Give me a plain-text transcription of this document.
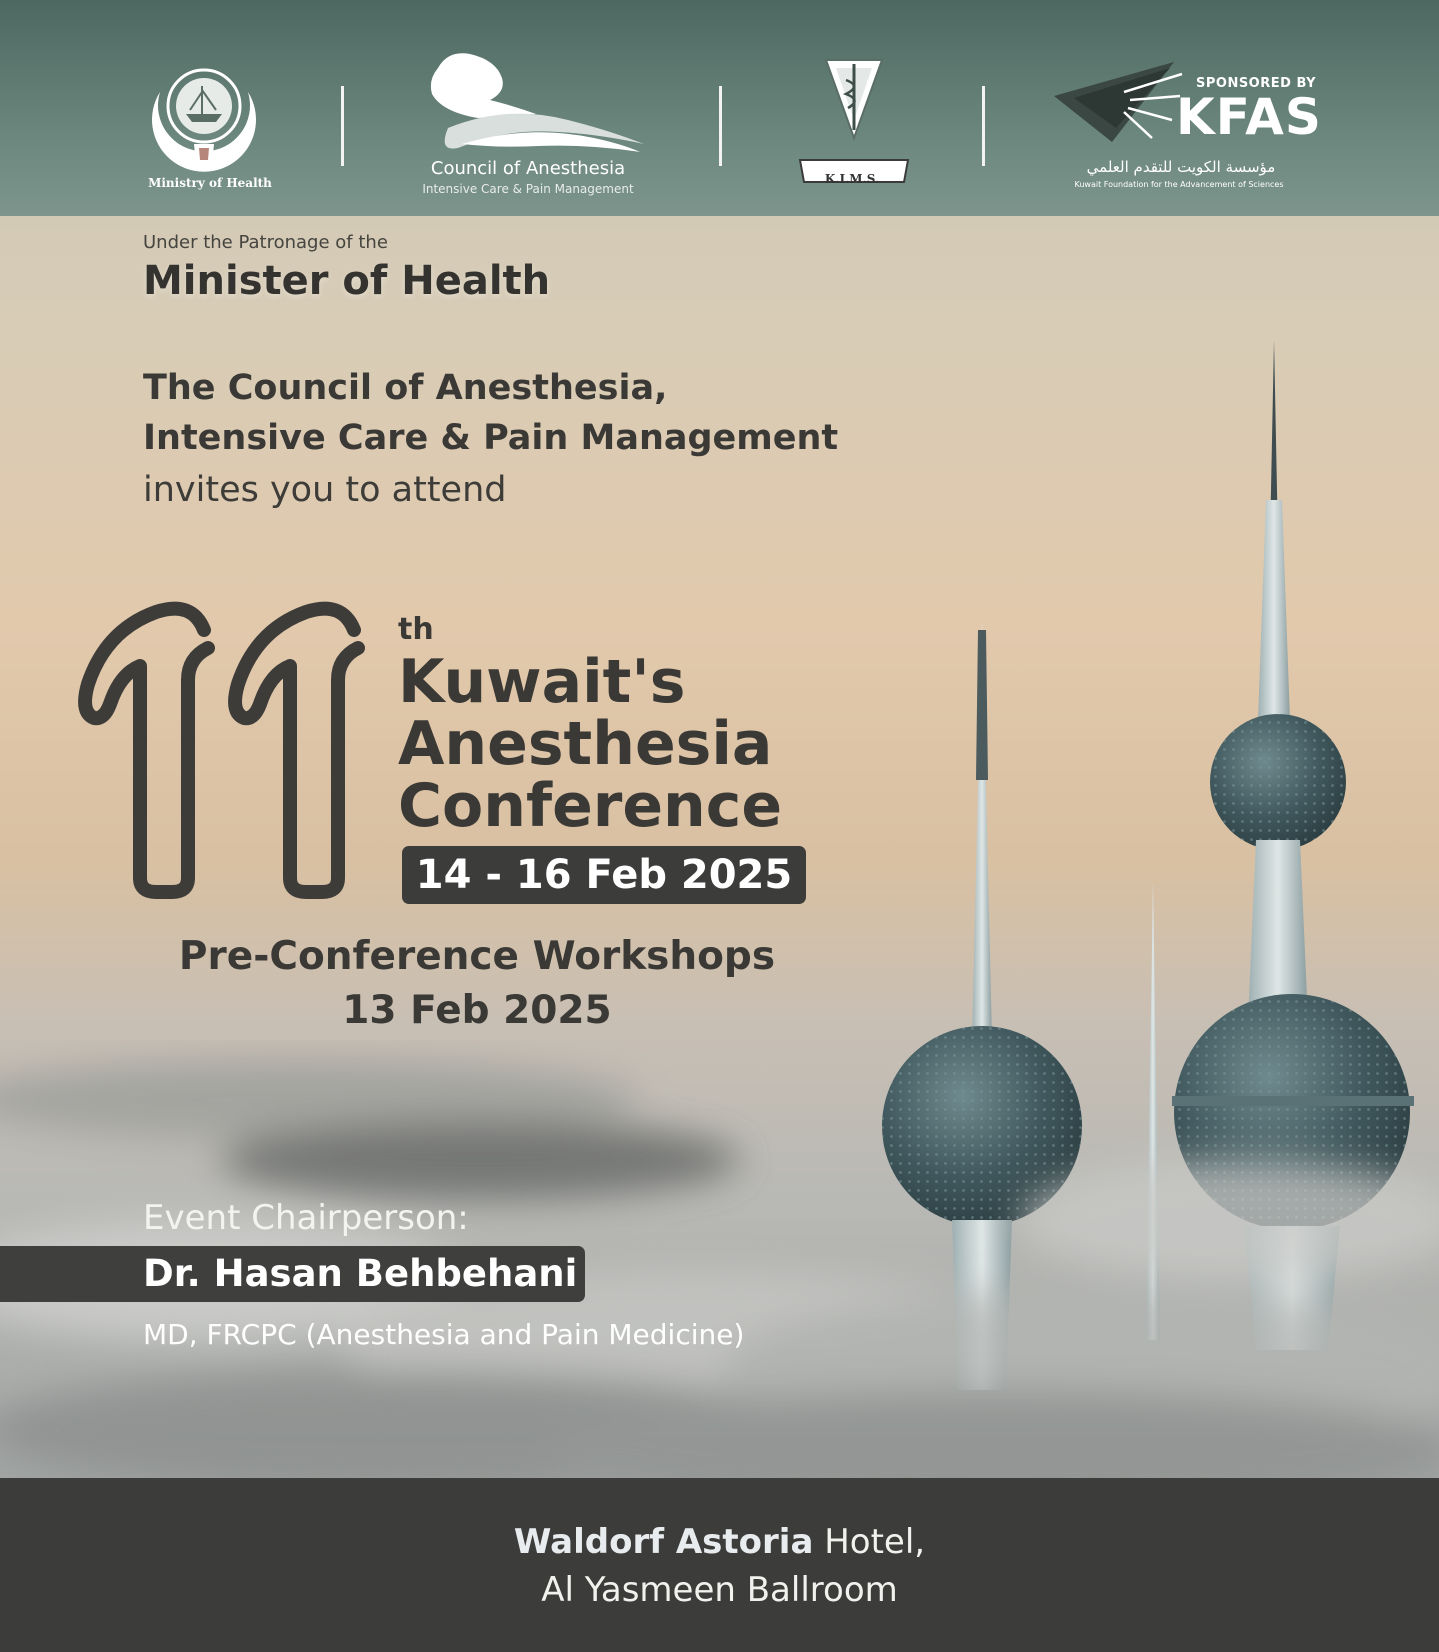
Ministry of Health
Council of Anesthesia
Intensive Care & Pain Management
K.I.M.S.
SPONSORED BY
KFAS
مؤسسة الكويت للتقدم العلمي
Kuwait Foundation for the Advancement of Sciences
Under the Patronage of the
Minister of Health
The Council of Anesthesia,
Intensive Care & Pain Management
invites you to attend
th
Kuwait's
Anesthesia
Conference
14 - 16 Feb 2025
Pre-Conference Workshops
13 Feb 2025
Event Chairperson:
Dr. Hasan Behbehani
MD, FRCPC (Anesthesia and Pain Medicine)
Waldorf Astoria Hotel,
Al Yasmeen Ballroom
